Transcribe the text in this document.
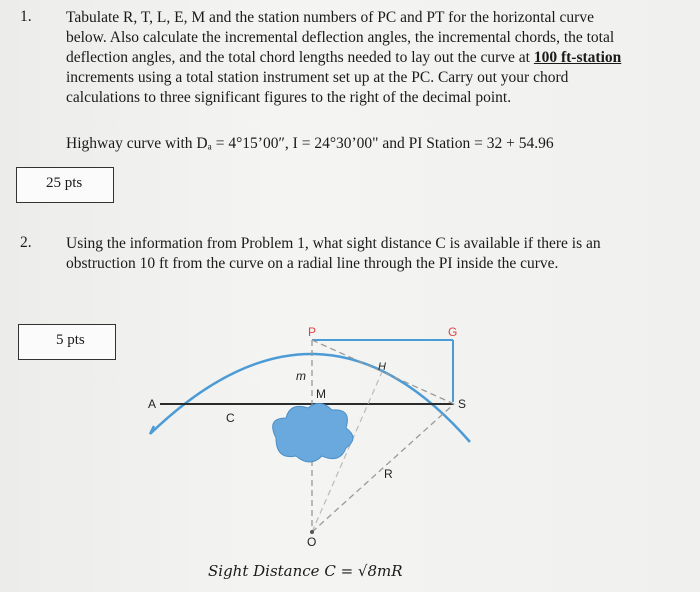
1. Tabulate R, T, L, E, M and the station numbers of PC and PT for the horizontal curve

below. Also calculate the incremental deflection angles, the incremental chords, the total

deflection angles, and the total chord lengths needed to lay out the curve at 100 ft-station

increments using a total station instrument set up at the PC. Carry out your chord

calculations to three significant figures to the right of the decimal point.

Highway curve with Dₐ = 4°15’00″, I = 24°30’00" and PI Station = 32 + 54.96
25 pts
2. Using the information from Problem 1, what sight distance C is available if there is an

obstruction 10 ft from the curve on a radial line through the PI inside the curve.

5 pts	P	G
A	S
H
m
M
C
R
O
Sight Distance C = √8mR
